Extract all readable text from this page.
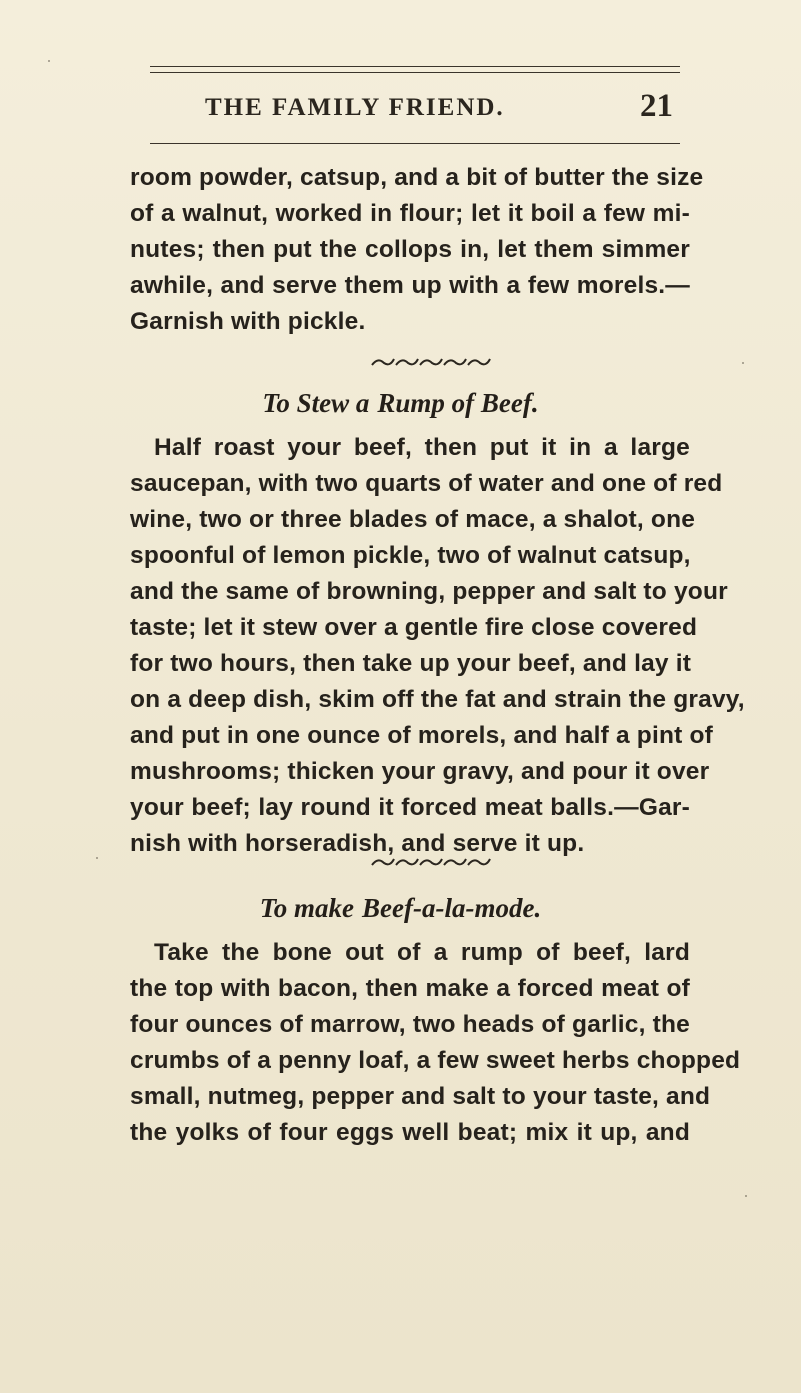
THE FAMILY FRIEND.	21
room powder, catsup, and a bit of butter the size
of a walnut, worked in flour; let it boil a few mi-
nutes; then put the collops in, let them simmer
awhile, and serve them up with a few morels.—
Garnish with pickle.
To Stew a Rump of Beef.
Half roast your beef, then put it in a large
saucepan, with two quarts of water and one of red
wine, two or three blades of mace, a shalot, one
spoonful of lemon pickle, two of walnut catsup,
and the same of browning, pepper and salt to your
taste; let it stew over a gentle fire close covered
for two hours, then take up your beef, and lay it
on a deep dish, skim off the fat and strain the gravy,
and put in one ounce of morels, and half a pint of
mushrooms; thicken your gravy, and pour it over
your beef; lay round it forced meat balls.—Gar-
nish with horseradish, and serve it up.
To make Beef-a-la-mode.
Take the bone out of a rump of beef, lard
the top with bacon, then make a forced meat of
four ounces of marrow, two heads of garlic, the
crumbs of a penny loaf, a few sweet herbs chopped
small, nutmeg, pepper and salt to your taste, and
the yolks of four eggs well beat; mix it up, and
